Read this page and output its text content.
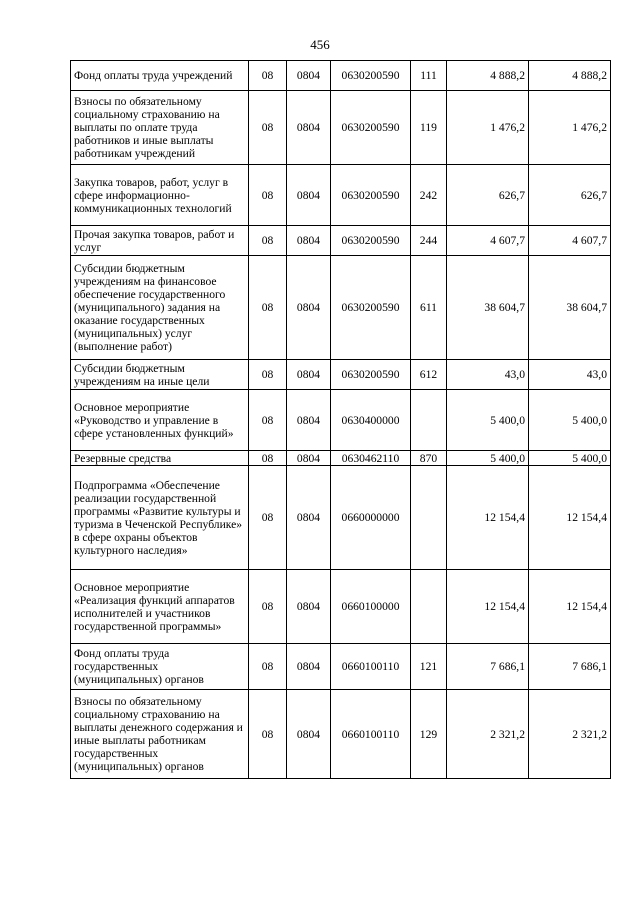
456
Фонд оплаты труда учреждений	08	0804	0630200590	111	4 888,2	4 888,2
Взносы по обязательному социальному страхованию на выплаты по оплате труда работников и иные выплаты работникам учреждений	08	0804	0630200590	119	1 476,2	1 476,2
Закупка товаров, работ, услуг в сфере информационно-коммуникационных технологий	08	0804	0630200590	242	626,7	626,7
Прочая закупка товаров, работ и услуг	08	0804	0630200590	244	4 607,7	4 607,7
Субсидии бюджетным учреждениям на финансовое обеспечение государственного (муниципального) задания на оказание государственных (муниципальных) услуг (выполнение работ)	08	0804	0630200590	611	38 604,7	38 604,7
Субсидии бюджетным учреждениям на иные цели	08	0804	0630200590	612	43,0	43,0
Основное мероприятие «Руководство и управление в сфере установленных функций»	08	0804	0630400000		5 400,0	5 400,0
Резервные средства	08	0804	0630462110	870	5 400,0	5 400,0
Подпрограмма «Обеспечение реализации государственной программы «Развитие культуры и туризма в Чеченской Республике» в сфере охраны объектов культурного наследия»	08	0804	0660000000		12 154,4	12 154,4
Основное мероприятие «Реализация функций аппаратов исполнителей и участников государственной программы»	08	0804	0660100000		12 154,4	12 154,4
Фонд оплаты труда государственных (муниципальных) органов	08	0804	0660100110	121	7 686,1	7 686,1
Взносы по обязательному социальному страхованию на выплаты денежного содержания и иные выплаты работникам государственных (муниципальных) органов	08	0804	0660100110	129	2 321,2	2 321,2
